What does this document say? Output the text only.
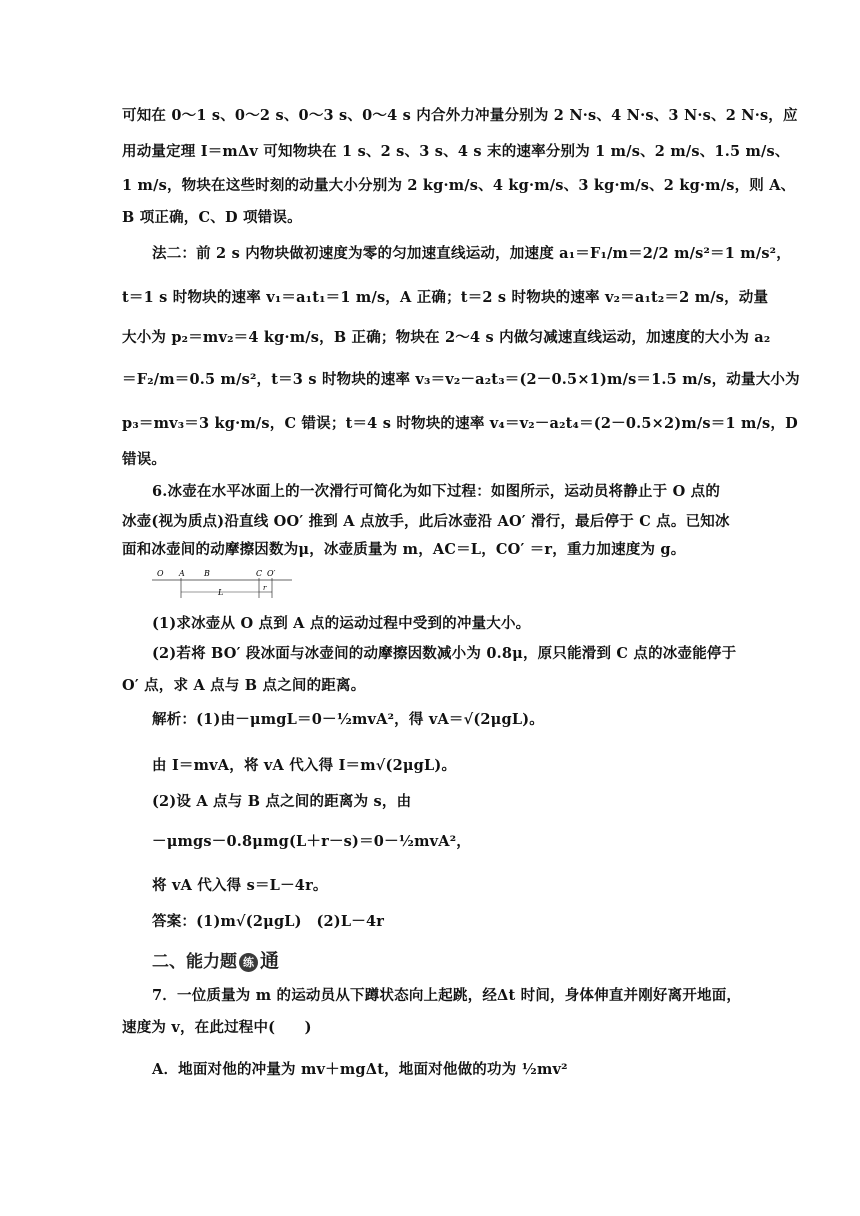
可知在 0～1 s、0～2 s、0～3 s、0～4 s 内合外力冲量分别为 2 N·s、4 N·s、3 N·s、2 N·s，应
用动量定理 I＝mΔv 可知物块在 1 s、2 s、3 s、4 s 末的速率分别为 1 m/s、2 m/s、1.5 m/s、
1 m/s，物块在这些时刻的动量大小分别为 2 kg·m/s、4 kg·m/s、3 kg·m/s、2 kg·m/s，则 A、
B 项正确，C、D 项错误。
法二：前 2 s 内物块做初速度为零的匀加速直线运动，加速度 a₁＝F₁/m＝2/2 m/s²＝1 m/s²，
t＝1 s 时物块的速率 v₁＝a₁t₁＝1 m/s，A 正确；t＝2 s 时物块的速率 v₂＝a₁t₂＝2 m/s，动量
大小为 p₂＝mv₂＝4 kg·m/s，B 正确；物块在 2～4 s 内做匀减速直线运动，加速度的大小为 a₂
＝F₂/m＝0.5 m/s²，t＝3 s 时物块的速率 v₃＝v₂－a₂t₃＝(2－0.5×1)m/s＝1.5 m/s，动量大小为
p₃＝mv₃＝3 kg·m/s，C 错误；t＝4 s 时物块的速率 v₄＝v₂－a₂t₄＝(2－0.5×2)m/s＝1 m/s，D
错误。
6.冰壶在水平冰面上的一次滑行可简化为如下过程：如图所示，运动员将静止于 O 点的
冰壶(视为质点)沿直线 OO′ 推到 A 点放手，此后冰壶沿 AO′ 滑行，最后停于 C 点。已知冰
面和冰壶间的动摩擦因数为μ，冰壶质量为 m，AC＝L，CO′ ＝r，重力加速度为 g。
O A B	C O′
L	r
(1)求冰壶从 O 点到 A 点的运动过程中受到的冲量大小。
(2)若将 BO′ 段冰面与冰壶间的动摩擦因数减小为 0.8μ，原只能滑到 C 点的冰壶能停于
O′ 点，求 A 点与 B 点之间的距离。
解析：(1)由－μmgL＝0－½mvA²，得 vA＝√(2μgL)。
由 I＝mvA，将 vA 代入得 I＝m√(2μgL)。
(2)设 A 点与 B 点之间的距离为 s，由
－μmgs－0.8μmg(L＋r－s)＝0－½mvA²，
将 vA 代入得 s＝L－4r。
答案：(1)m√(2μgL)　(2)L－4r
二、能力题 练 通
7．一位质量为 m 的运动员从下蹲状态向上起跳，经Δt 时间，身体伸直并刚好离开地面，
速度为 v，在此过程中(　　)
A．地面对他的冲量为 mv＋mgΔt，地面对他做的功为 ½mv²
